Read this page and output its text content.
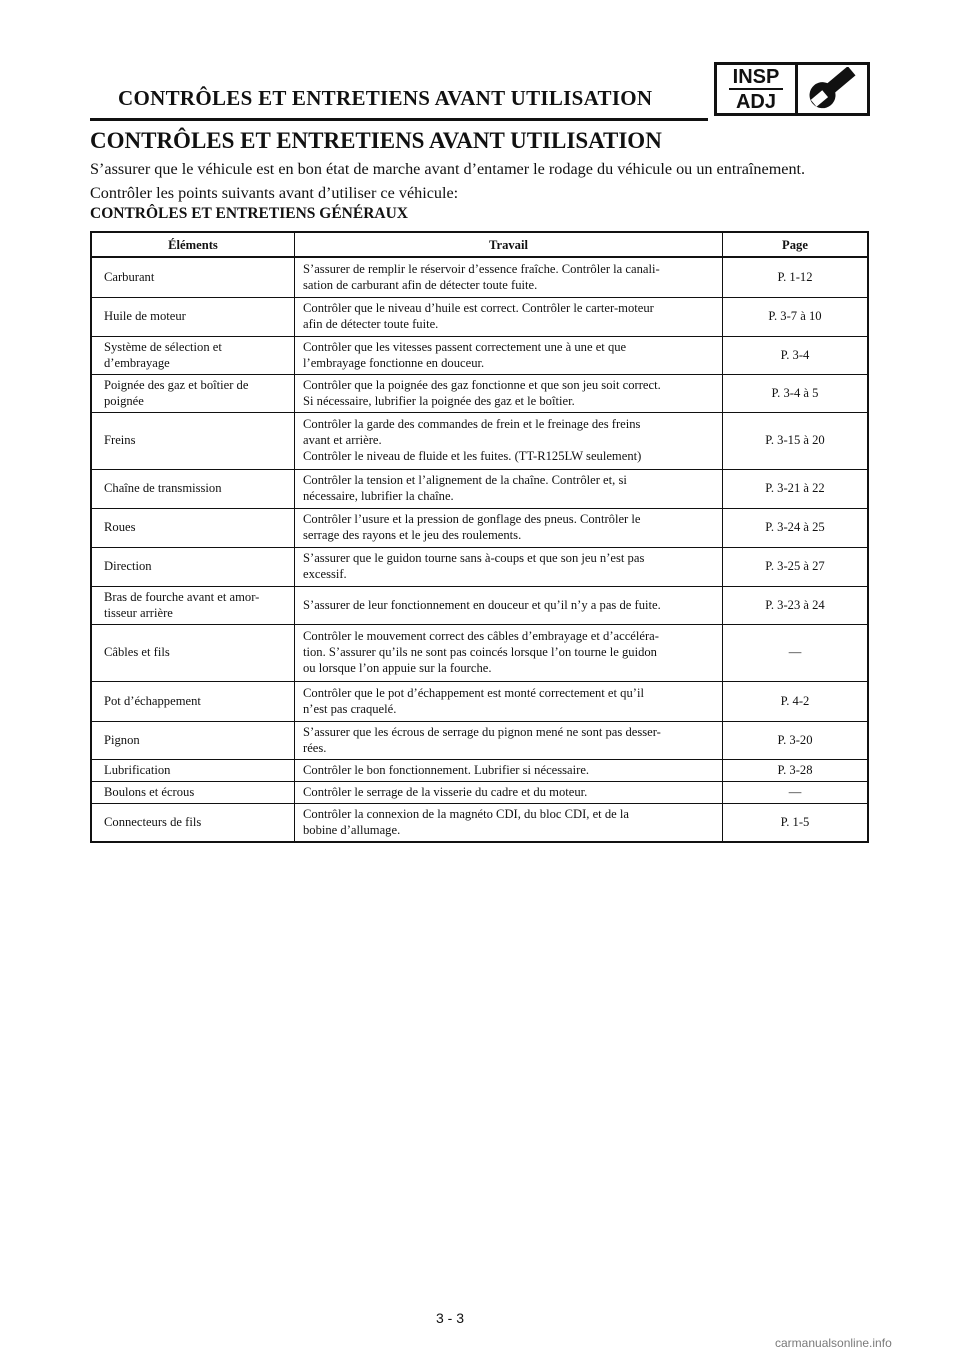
CONTRÔLES ET ENTRETIENS AVANT UTILISATION
INSP
ADJ
CONTRÔLES ET ENTRETIENS AVANT UTILISATION
S’assurer que le véhicule est en bon état de marche avant d’entamer le rodage du véhicule ou un entraînement.
Contrôler les points suivants avant d’utiliser ce véhicule:
CONTRÔLES ET ENTRETIENS GÉNÉRAUX
Éléments	Travail	Page
Carburant	S’assurer de remplir le réservoir d’essence fraîche. Contrôler la canali-
sation de carburant afin de détecter toute fuite.	P. 1-12
Huile de moteur	Contrôler que le niveau d’huile est correct. Contrôler le carter-moteur
afin de détecter toute fuite.	P. 3-7 à 10
Système de sélection et
d’embrayage	Contrôler que les vitesses passent correctement une à une et que
l’embrayage fonctionne en douceur.	P. 3-4
Poignée des gaz et boîtier de
poignée	Contrôler que la poignée des gaz fonctionne et que son jeu soit correct.
Si nécessaire, lubrifier la poignée des gaz et le boîtier.	P. 3-4 à 5
Freins	Contrôler la garde des commandes de frein et le freinage des freins
avant et arrière.
Contrôler le niveau de fluide et les fuites. (TT-R125LW seulement)	P. 3-15 à 20
Chaîne de transmission	Contrôler la tension et l’alignement de la chaîne. Contrôler et, si
nécessaire, lubrifier la chaîne.	P. 3-21 à 22
Roues	Contrôler l’usure et la pression de gonflage des pneus. Contrôler le
serrage des rayons et le jeu des roulements.	P. 3-24 à 25
Direction	S’assurer que le guidon tourne sans à-coups et que son jeu n’est pas
excessif.	P. 3-25 à 27
Bras de fourche avant et amor-
tisseur arrière	S’assurer de leur fonctionnement en douceur et qu’il n’y a pas de fuite.	P. 3-23 à 24
Câbles et fils	Contrôler le mouvement correct des câbles d’embrayage et d’accéléra-
tion. S’assurer qu’ils ne sont pas coincés lorsque l’on tourne le guidon
ou lorsque l’on appuie sur la fourche.	—
Pot d’échappement	Contrôler que le pot d’échappement est monté correctement et qu’il
n’est pas craquelé.	P. 4-2
Pignon	S’assurer que les écrous de serrage du pignon mené ne sont pas desser-
rées.	P. 3-20
Lubrification	Contrôler le bon fonctionnement. Lubrifier si nécessaire.	P. 3-28
Boulons et écrous	Contrôler le serrage de la visserie du cadre et du moteur.	—
Connecteurs de fils	Contrôler la connexion de la magnéto CDI, du bloc CDI, et de la
bobine d’allumage.	P. 1-5
3 - 3
carmanualsonline.info
